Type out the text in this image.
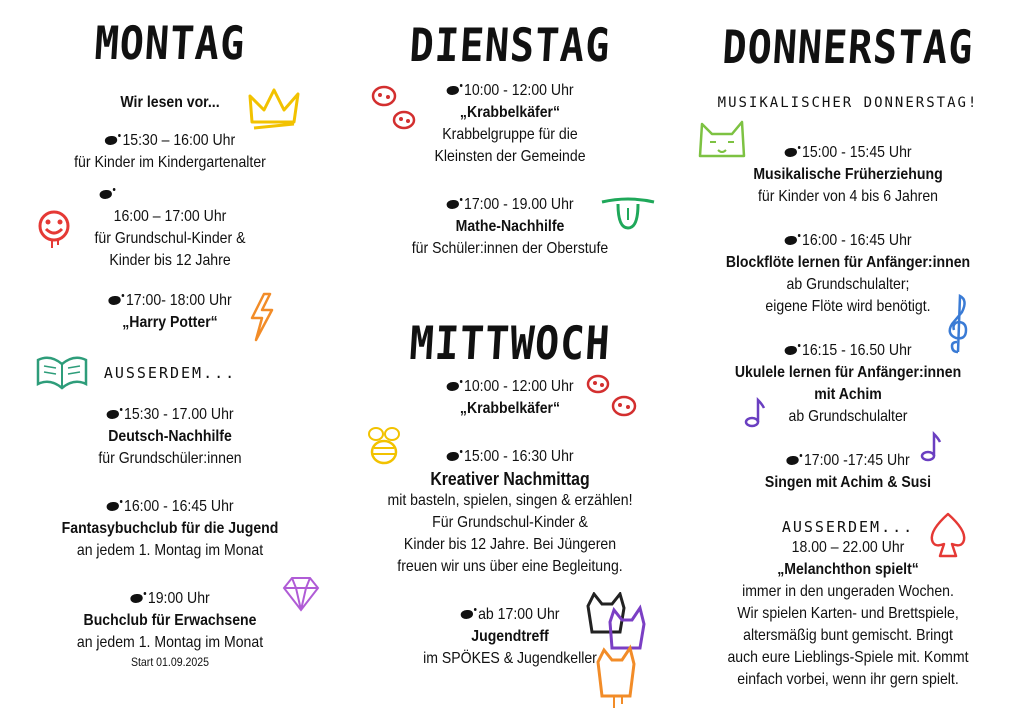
MONTAG
Wir lesen vor...
15:30 – 16:00 Uhr
für Kinder im Kindergartenalter
16:00 – 17:00 Uhr
für Grundschul-Kinder &
Kinder bis 12 Jahre
17:00- 18:00 Uhr
„Harry Potter“
AUSSERDEM...
15:30 - 17.00 Uhr
Deutsch-Nachhilfe
für Grundschüler:innen
16:00 - 16:45 Uhr
Fantasybuchclub für die Jugend
an jedem 1. Montag im Monat
19:00 Uhr
Buchclub für Erwachsene
an jedem 1. Montag im Monat
Start 01.09.2025
DIENSTAG
10:00 - 12:00 Uhr
„Krabbelkäfer“
Krabbelgruppe für die
Kleinsten der Gemeinde
17:00 - 19.00 Uhr
Mathe-Nachhilfe
für Schüler:innen der Oberstufe
MITTWOCH
10:00 - 12:00 Uhr
„Krabbelkäfer“
15:00 - 16:30 Uhr
Kreativer Nachmittag
mit basteln, spielen, singen & erzählen!
Für Grundschul-Kinder &
Kinder bis 12 Jahre. Bei Jüngeren
freuen wir uns über eine Begleitung.
ab 17:00 Uhr
Jugendtreff
im SPÖKES & Jugendkeller
DONNERSTAG
MUSIKALISCHER DONNERSTAG!
15:00 - 15:45 Uhr
Musikalische Früherziehung
für Kinder von 4 bis 6 Jahren
16:00 - 16:45 Uhr
Blockflöte lernen für Anfänger:innen
ab Grundschulalter;
eigene Flöte wird benötigt.
16:15 - 16.50 Uhr
Ukulele lernen für Anfänger:innen
mit Achim
ab Grundschulalter
17:00 -17:45 Uhr
Singen mit Achim & Susi
AUSSERDEM...
18.00 – 22.00 Uhr
„Melanchthon spielt“
immer in den ungeraden Wochen.
Wir spielen Karten- und Brettspiele,
altersmäßig bunt gemischt. Bringt
auch eure Lieblings-Spiele mit. Kommt
einfach vorbei, wenn ihr gern spielt.
